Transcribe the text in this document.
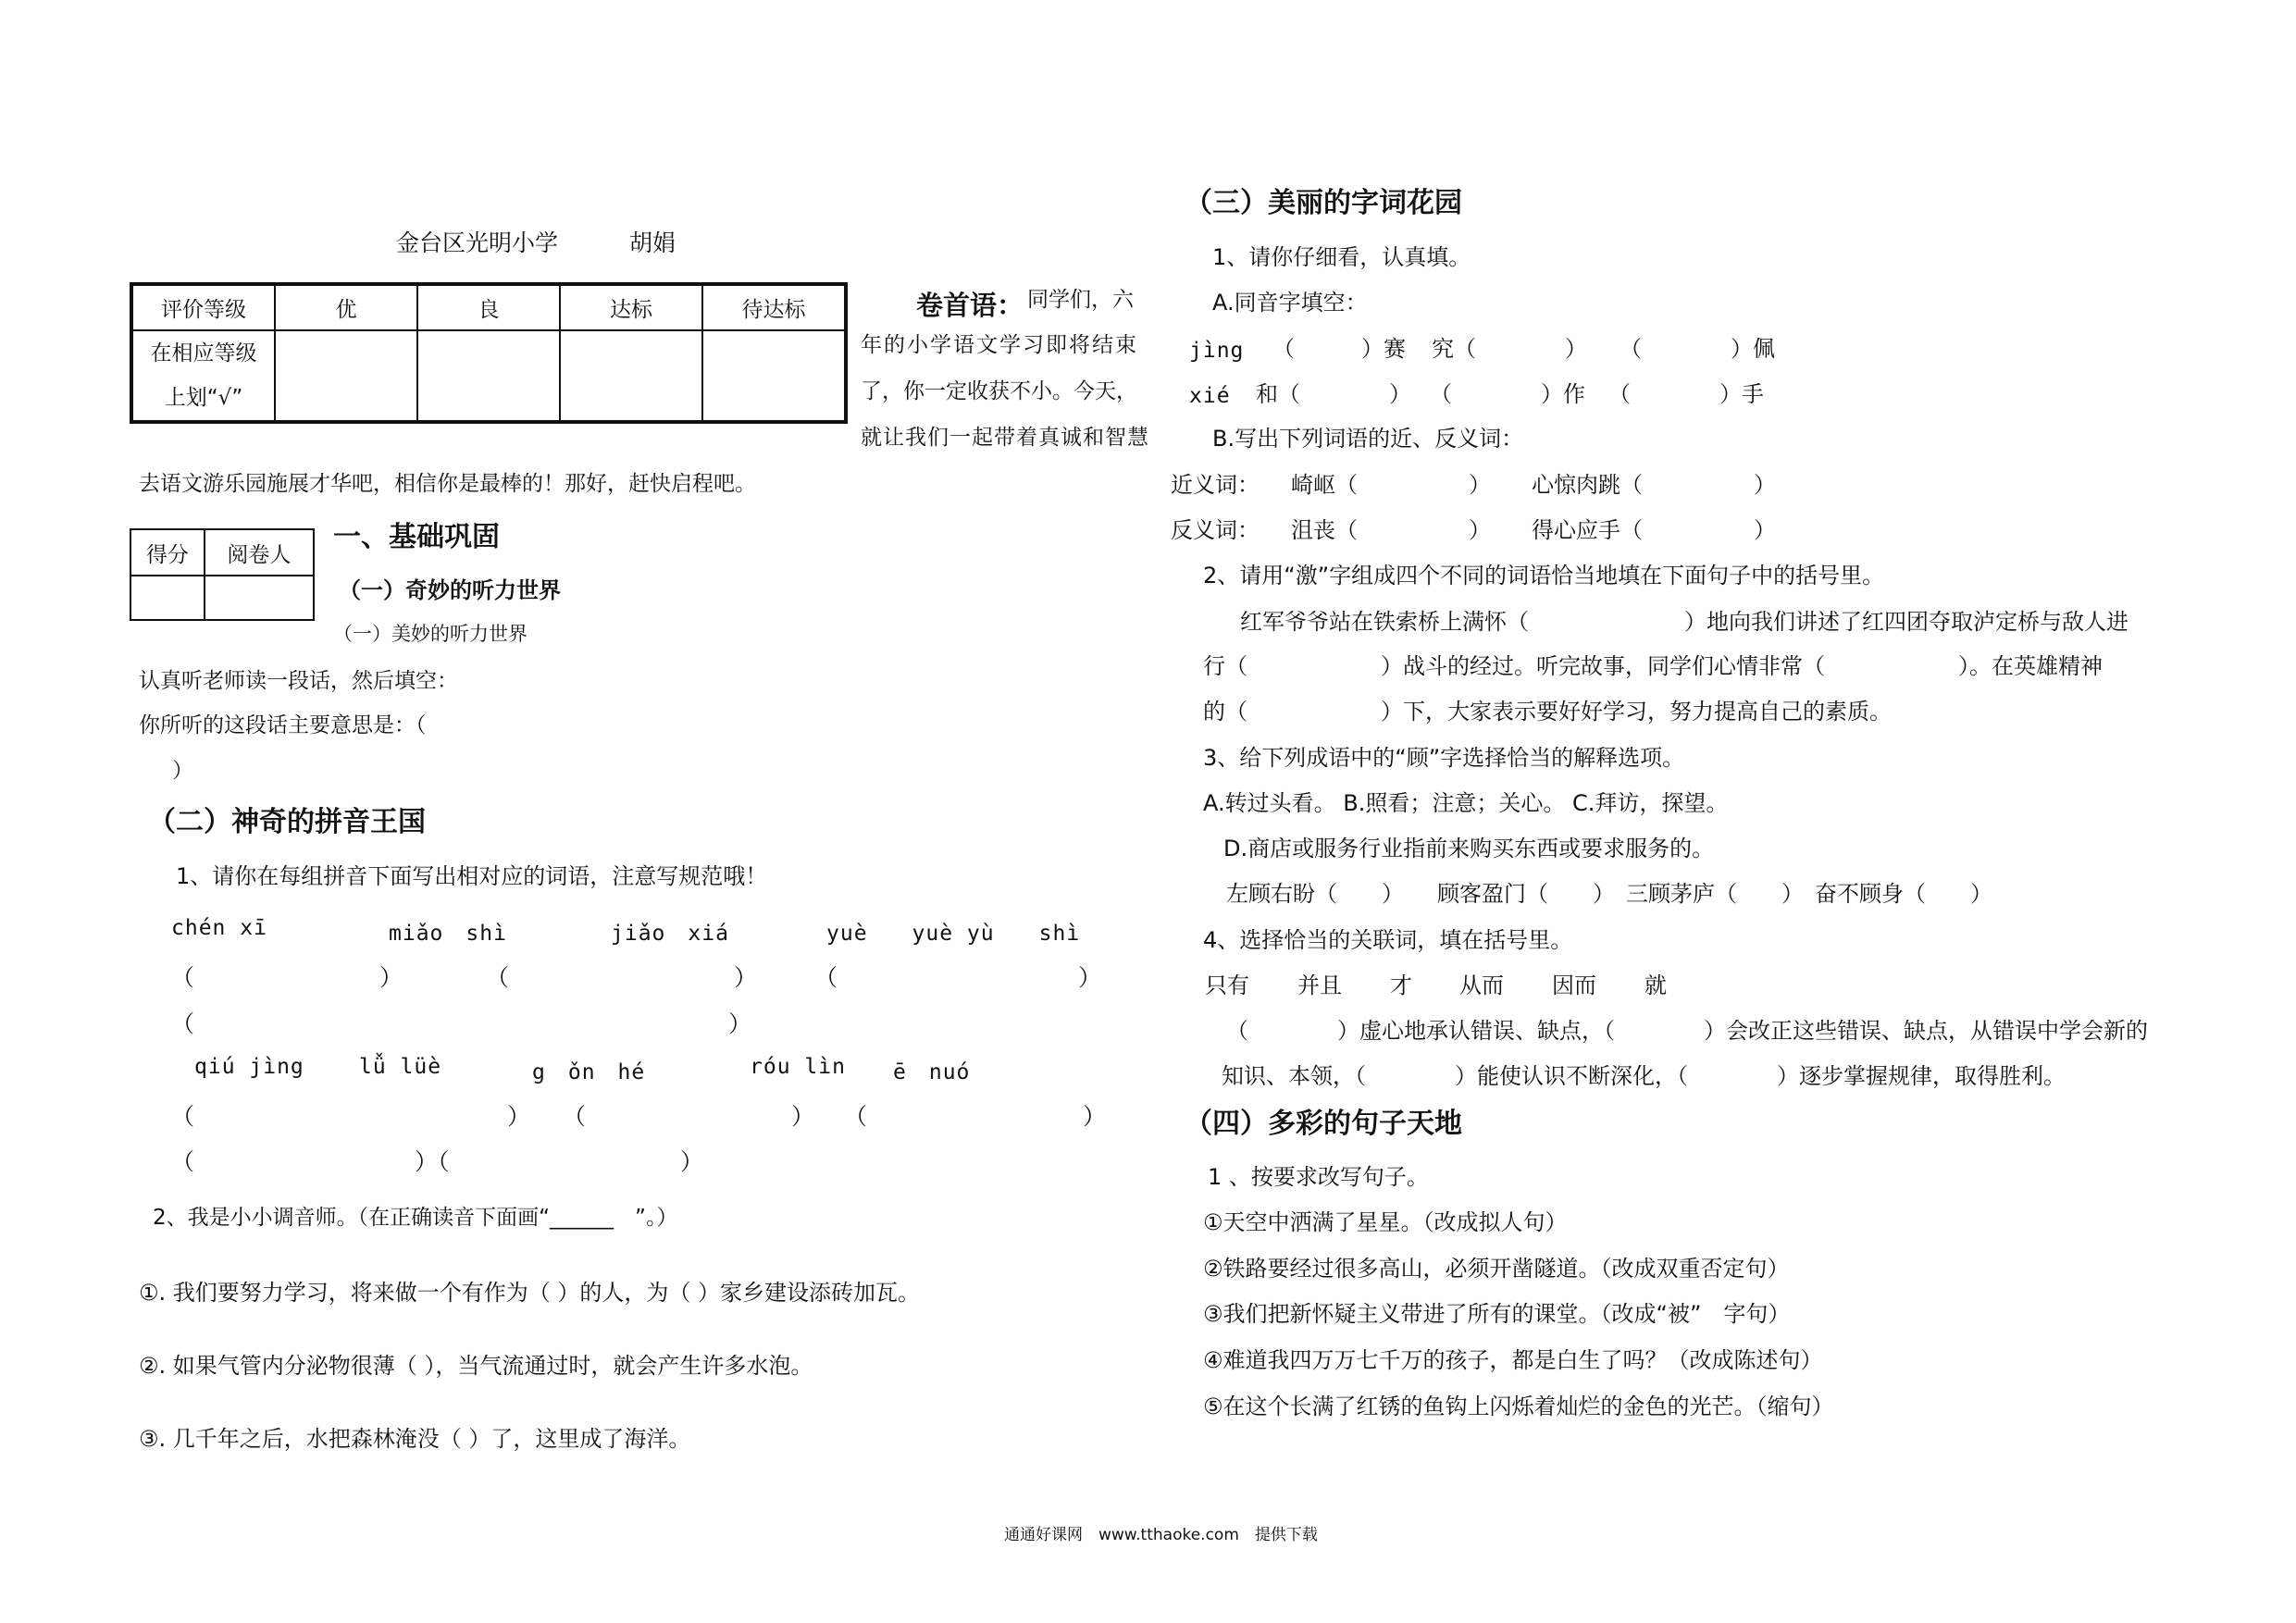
金台区光明小学	胡娟
评价等级	优	良	达标	待达标

在相应等级
上划“√”				

卷首语： 同学们，六
年的小学语文学习即将结束
了，你一定收获不小。今天，
就让我们一起带着真诚和智慧
去语文游乐园施展才华吧，相信你是最棒的！那好，赶快启程吧。
得分	阅卷人

一、基础巩固
（一）奇妙的听力世界
（一）美妙的听力世界
认真听老师读一段话，然后填空：
你所听的这段话主要意思是：（
）
（二）神奇的拼音王国
1、请你在每组拼音下面写出相对应的词语，注意写规范哦！
chén xī	miǎo　shì	jiǎo　xiá	yuè　　yuè yù　　shì
（	）	（	） （	）
（	）
qiú jìng	lǚ lüè	g　ǒn　hé	róu lìn ē　nuó
（	） （	） （	）
（	）（	）
2、我是小小调音师。（在正确读音下面画“______　”。）
①. 我们要努力学习，将来做一个有作为（ ）的人，为（ ）家乡建设添砖加瓦。
②. 如果气管内分泌物很薄（ ），当气流通过时，就会产生许多水泡。
③. 几千年之后，水把森林淹没（ ）了，这里成了海洋。
（三）美丽的字词花园
1、请你仔细看，认真填。
A.同音字填空：
jìng （　　　）赛 究（　　　　） （　　　　）佩
xié 和（　　　　） （　　　　）作 （　　　　）手
B.写出下列词语的近、反义词：
近义词： 崎岖（　　　　　） 心惊肉跳（　　　　　）
反义词： 沮丧（　　　　　） 得心应手（　　　　　）
2、请用“激”字组成四个不同的词语恰当地填在下面句子中的括号里。
红军爷爷站在铁索桥上满怀（　　　　　　　）地向我们讲述了红四团夺取泸定桥与敌人进
行（　　　　　　）战斗的经过。听完故事，同学们心情非常（　　　　　　）。在英雄精神
的（　　　　　　）下，大家表示要好好学习，努力提高自己的素质。
3、给下列成语中的“顾”字选择恰当的解释选项。
A.转过头看。 B.照看；注意；关心。 C.拜访，探望。
D.商店或服务行业指前来购买东西或要求服务的。
左顾右盼（　　）　　顾客盈门（　　）　三顾茅庐（　　）　奋不顾身（　　）
4、选择恰当的关联词，填在括号里。
只有 并且 才 从而 因而 就
（　　　　）虚心地承认错误、缺点，（　　　　）会改正这些错误、缺点，从错误中学会新的
知识、本领，（　　　　）能使认识不断深化，（　　　　）逐步掌握规律，取得胜利。
（四）多彩的句子天地
1 、按要求改写句子。
①天空中洒满了星星。（改成拟人句）
②铁路要经过很多高山，必须开凿隧道。（改成双重否定句）
③我们把新怀疑主义带进了所有的课堂。（改成“被”　字句）
④难道我四万万七千万的孩子，都是白生了吗？（改成陈述句）
⑤在这个长满了红锈的鱼钩上闪烁着灿烂的金色的光芒。（缩句）
通通好课网　www.tthaoke.com　提供下载
